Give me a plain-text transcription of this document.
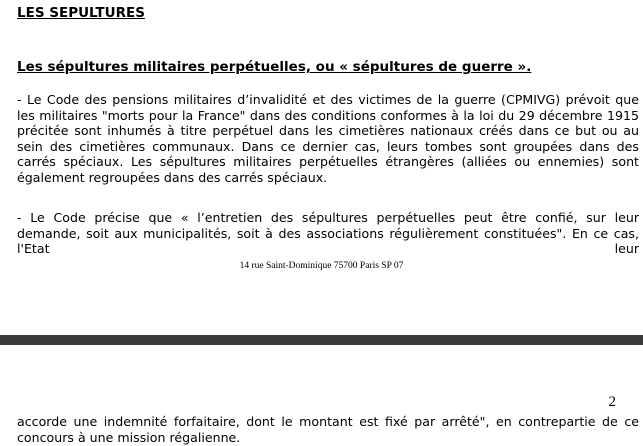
LES SEPULTURES
Les sépultures militaires perpétuelles, ou « sépultures de guerre ».

- Le Code des pensions militaires d’invalidité et des victimes de la guerre (CPMIVG) prévoit que les militaires "morts pour la France" dans des conditions conformes à la loi du 29 décembre 1915 précitée sont inhumés à titre perpétuel dans les cimetières nationaux créés dans ce but ou au sein des cimetières communaux. Dans ce dernier cas, leurs tombes sont groupées dans des carrés spéciaux. Les sépultures militaires perpétuelles étrangères (alliées ou ennemies) sont également regroupées dans des carrés spéciaux.

- Le Code précise que « l’entretien des sépultures perpétuelles peut être confié, sur leur demande, soit aux municipalités, soit à des associations régulièrement constituées". En ce cas, l'Etat leur

14 rue Saint-Dominique 75700 Paris SP 07
2

accorde une indemnité forfaitaire, dont le montant est fixé par arrêté", en contrepartie de ce concours à une mission régalienne.
